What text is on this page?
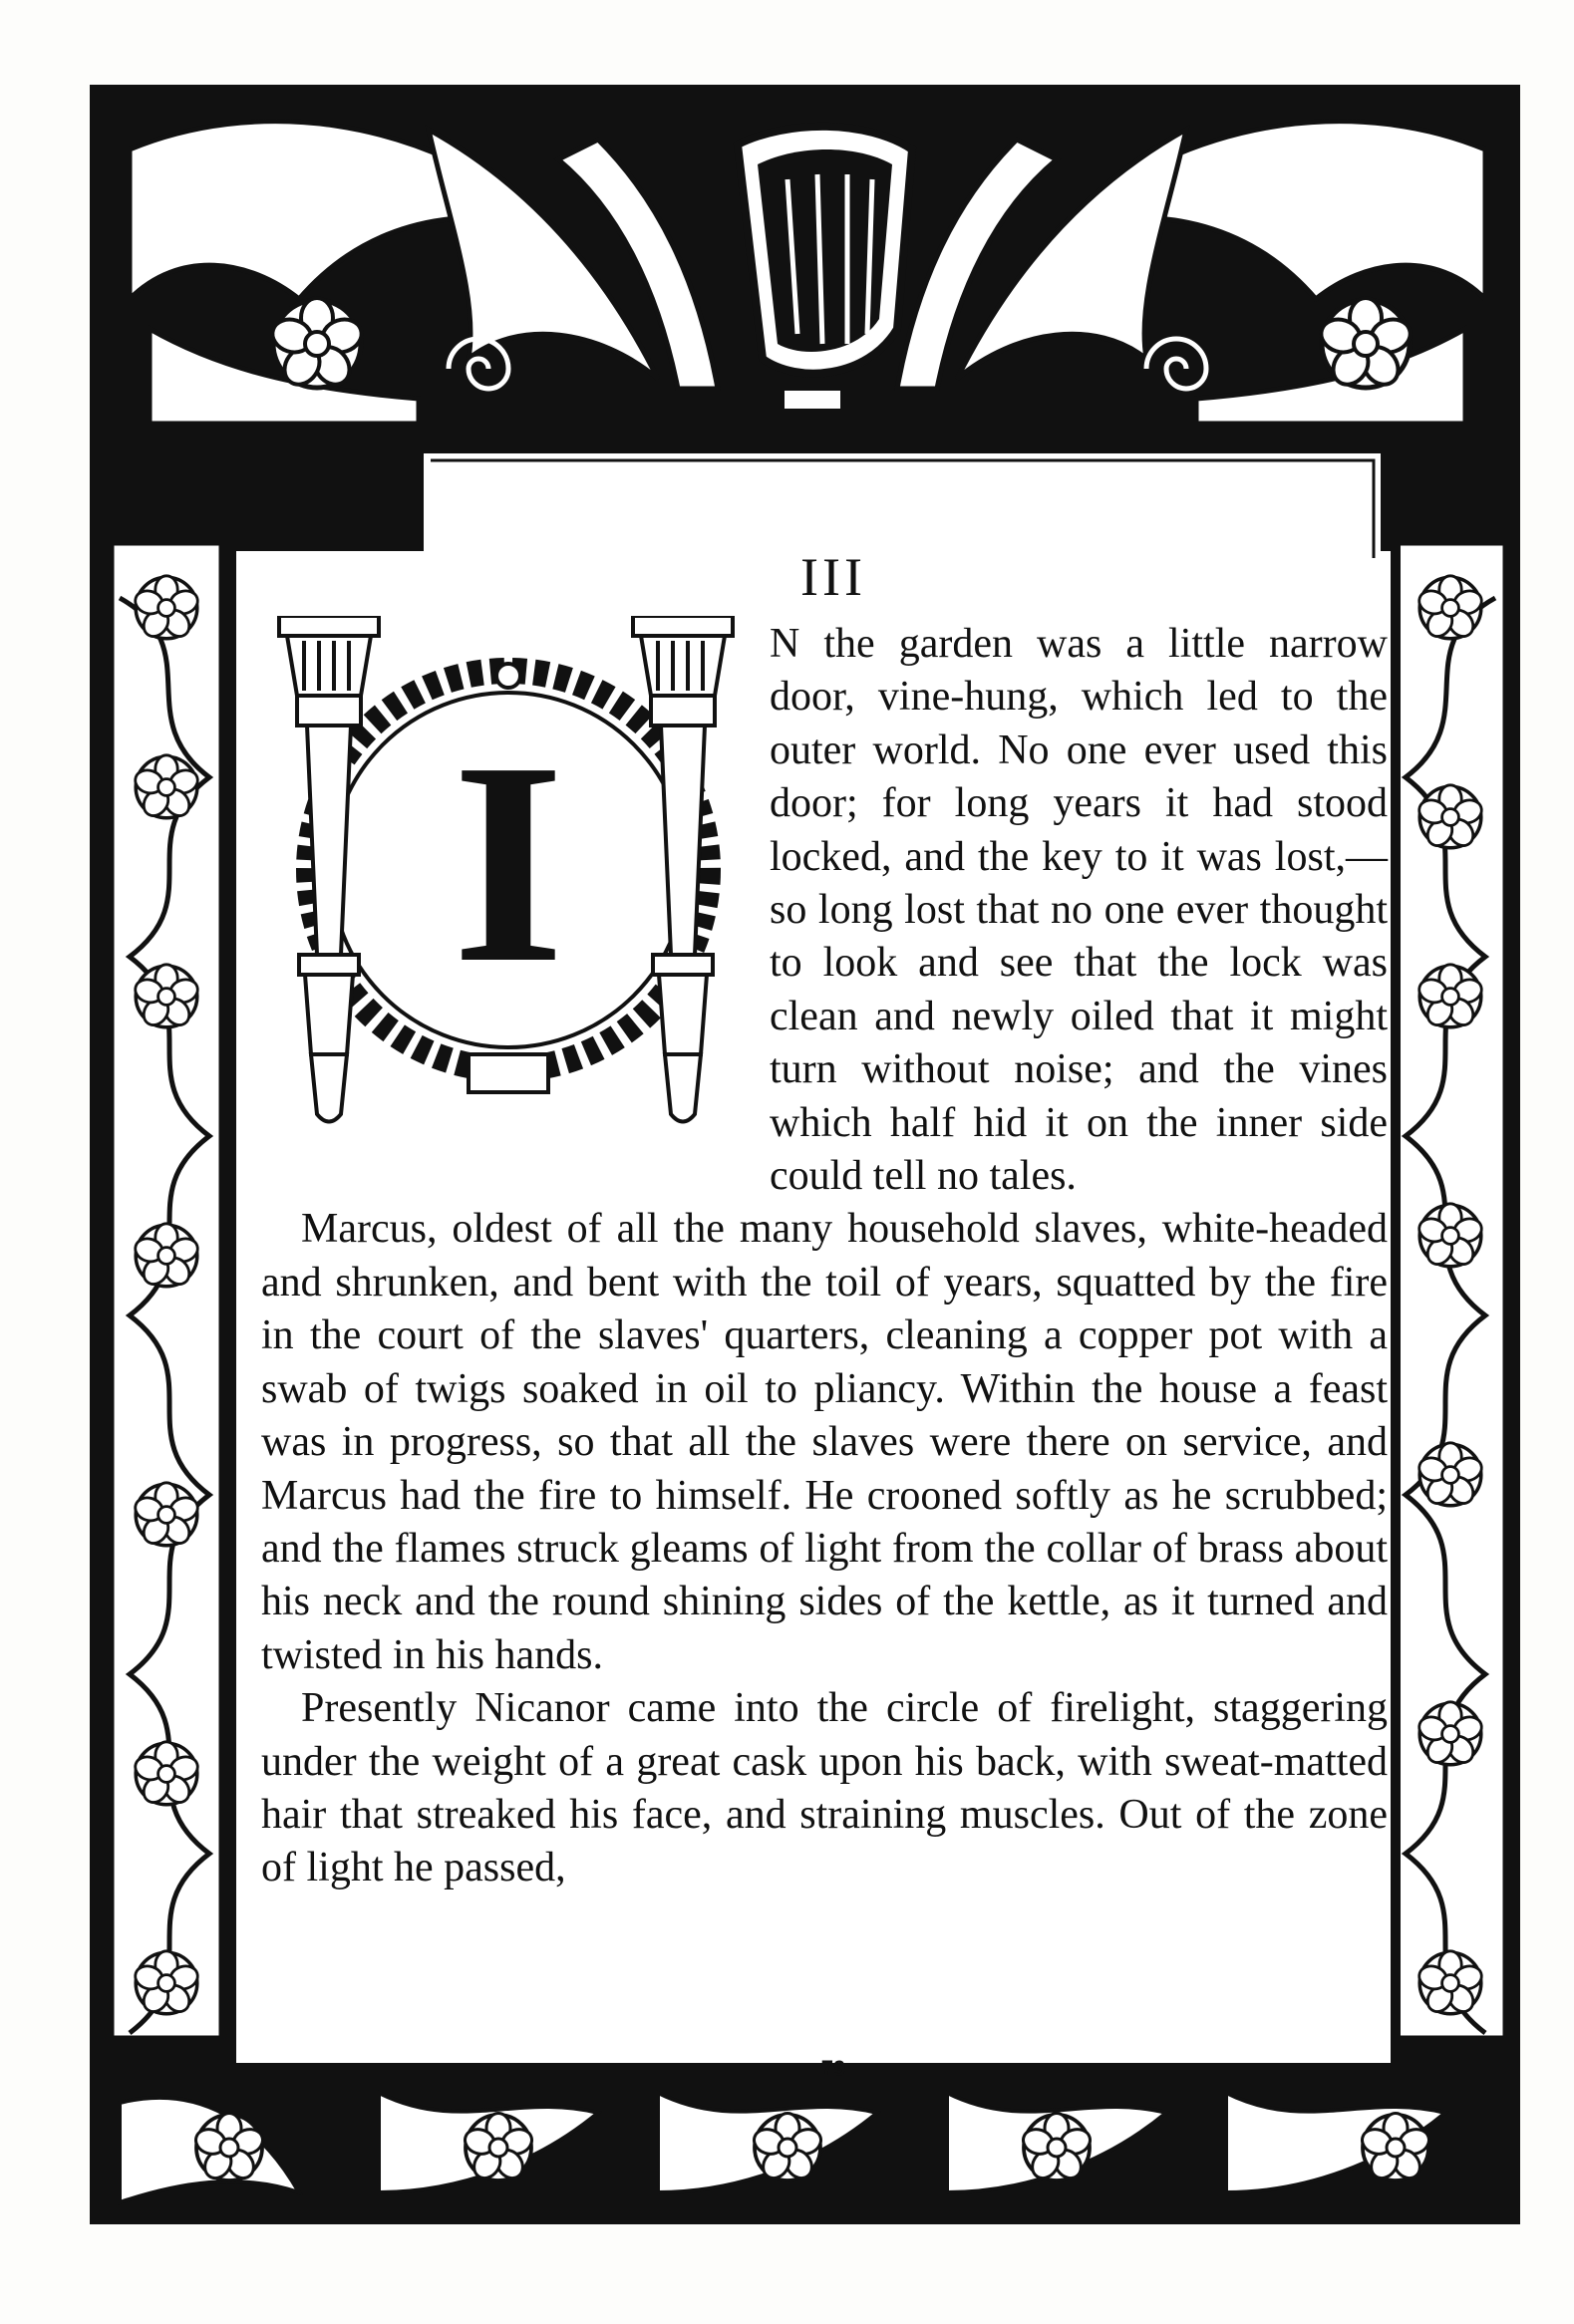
III
I

N the garden was a little narrow door, vine-hung, which led to the outer world. No one ever used this door; for long years it had stood locked, and the key to it was lost,— so long lost that no one ever thought to look and see that the lock was clean and newly oiled that it might turn without noise; and the vines which half hid it on the inner side could tell no tales.

Marcus, oldest of all the many household slaves, white-headed and shrunken, and bent with the toil of years, squatted by the fire in the court of the slaves' quarters, cleaning a copper pot with a swab of twigs soaked in oil to pliancy. Within the house a feast was in progress, so that all the slaves were there on service, and Marcus had the fire to himself. He crooned softly as he scrubbed; and the flames struck gleams of light from the collar of brass about his neck and the round shining sides of the kettle, as it turned and twisted in his hands.

Presently Nicanor came into the circle of firelight, staggering under the weight of a great cask upon his back, with sweat-matted hair that streaked his face, and straining muscles. Out of the zone of light he passed,

79
